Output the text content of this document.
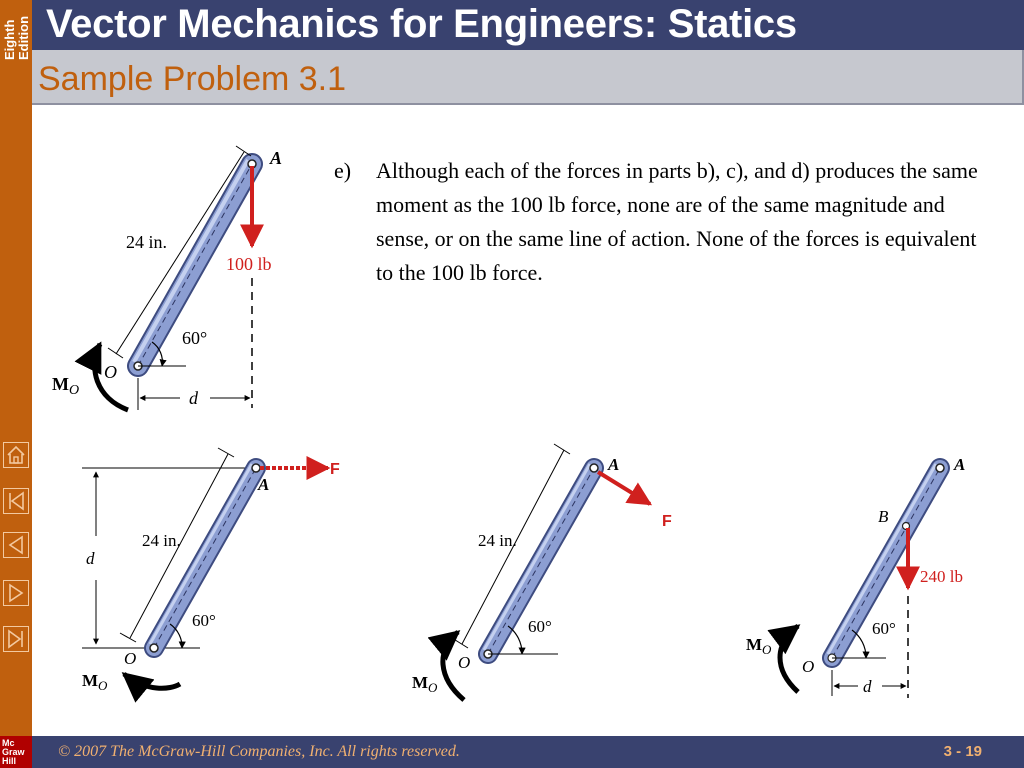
Eighth Edition
Mc
Graw
Hill
Vector Mechanics for Engineers: Statics
Sample Problem 3.1
e) Although each of the forces in parts b), c), and d) produces the same moment as the 100 lb force, none are of the same magnitude and sense, or on the same line of action. None of the forces is equivalent to the 100 lb force.
A
O
24 in.
100 lb
60°
$M_O$	d
A
O
24 in.
F
60°
d
$M_O$
A
O
24 in.
F
60°
$M_O$
A
B
O
240 lb
60°
$M_O$
d
© 2007 The McGraw-Hill Companies, Inc. All rights reserved.	3 - 19
